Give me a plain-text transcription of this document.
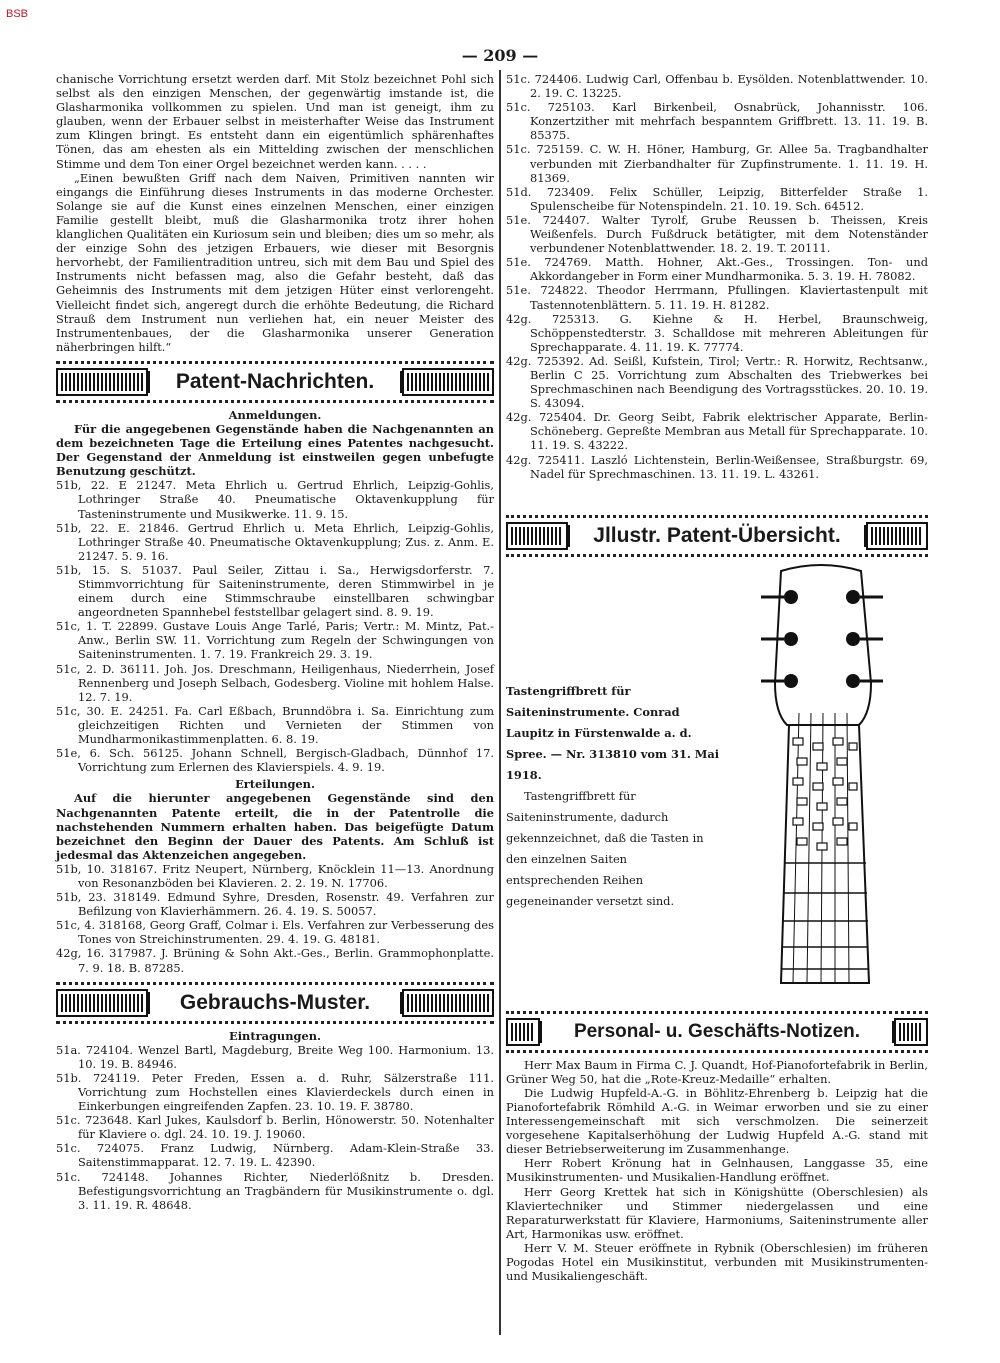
BSB
— 209 —

chanische Vorrichtung ersetzt werden darf. Mit Stolz bezeichnet Pohl sich selbst als den einzigen Menschen, der gegenwärtig imstande ist, die Glasharmonika vollkommen zu spielen. Und man ist geneigt, ihm zu glauben, wenn der Erbauer selbst in meisterhafter Weise das Instrument zum Klingen bringt. Es entsteht dann ein eigentümlich sphärenhaftes Tönen, das am ehesten als ein Mittelding zwischen der menschlichen Stimme und dem Ton einer Orgel bezeichnet werden kann. . . . .

„Einen bewußten Griff nach dem Naiven, Primitiven nannten wir eingangs die Einführung dieses Instruments in das moderne Orchester. Solange sie auf die Kunst eines einzelnen Menschen, einer einzigen Familie gestellt bleibt, muß die Glasharmonika trotz ihrer hohen klanglichen Qualitäten ein Kuriosum sein und bleiben; dies um so mehr, als der einzige Sohn des jetzigen Erbauers, wie dieser mit Besorgnis hervorhebt, der Familientradition untreu, sich mit dem Bau und Spiel des Instruments nicht befassen mag, also die Gefahr besteht, daß das Geheimnis des Instruments mit dem jetzigen Hüter einst verlorengeht. Vielleicht findet sich, angeregt durch die erhöhte Bedeutung, die Richard Strauß dem Instrument nun verliehen hat, ein neuer Meister des Instrumentenbaues, der die Glasharmonika unserer Generation näherbringen hilft.“

Patent-Nachrichten.

Anmeldungen.

Für die angegebenen Gegenstände haben die Nachgenannten an dem bezeichneten Tage die Erteilung eines Patentes nachgesucht. Der Gegenstand der Anmeldung ist einstweilen gegen unbefugte Benutzung geschützt.

51b, 22. E 21247. Meta Ehrlich u. Gertrud Ehrlich, Leipzig-Gohlis, Lothringer Straße 40. Pneumatische Oktavenkupplung für Tasteninstrumente und Musikwerke. 11. 9. 15.

51b, 22. E. 21846. Gertrud Ehrlich u. Meta Ehrlich, Leipzig-Gohlis, Lothringer Straße 40. Pneumatische Oktavenkupplung; Zus. z. Anm. E. 21247. 5. 9. 16.

51b, 15. S. 51037. Paul Seiler, Zittau i. Sa., Herwigsdorferstr. 7. Stimmvorrichtung für Saiteninstrumente, deren Stimmwirbel in je einem durch eine Stimmschraube einstellbaren schwingbar angeordneten Spannhebel feststellbar gelagert sind. 8. 9. 19.

51c, 1. T. 22899. Gustave Louis Ange Tarlé, Paris; Vertr.: M. Mintz, Pat.-Anw., Berlin SW. 11. Vorrichtung zum Regeln der Schwingungen von Saiteninstrumenten. 1. 7. 19. Frankreich 29. 3. 19.

51c, 2. D. 36111. Joh. Jos. Dreschmann, Heiligenhaus, Niederrhein, Josef Rennenberg und Joseph Selbach, Godesberg. Violine mit hohlem Halse. 12. 7. 19.

51c, 30. E. 24251. Fa. Carl Eßbach, Brunndöbra i. Sa. Einrichtung zum gleichzeitigen Richten und Vernieten der Stimmen von Mundharmonikastimmenplatten. 6. 8. 19.

51e, 6. Sch. 56125. Johann Schnell, Bergisch-Gladbach, Dünnhof 17. Vorrichtung zum Erlernen des Klavierspiels. 4. 9. 19.

Erteilungen.

Auf die hierunter angegebenen Gegenstände sind den Nachgenannten Patente erteilt, die in der Patentrolle die nachstehenden Nummern erhalten haben. Das beigefügte Datum bezeichnet den Beginn der Dauer des Patents. Am Schluß ist jedesmal das Aktenzeichen angegeben.

51b, 10. 318167. Fritz Neupert, Nürnberg, Knöcklein 11—13. Anordnung von Resonanzböden bei Klavieren. 2. 2. 19. N. 17706.

51b, 23. 318149. Edmund Syhre, Dresden, Rosenstr. 49. Verfahren zur Befilzung von Klavierhämmern. 26. 4. 19. S. 50057.

51c, 4. 318168, Georg Graff, Colmar i. Els. Verfahren zur Verbesserung des Tones von Streichinstrumenten. 29. 4. 19. G. 48181.

42g, 16. 317987. J. Brüning & Sohn Akt.-Ges., Berlin. Grammophonplatte. 7. 9. 18. B. 87285.

Gebrauchs-Muster.

Eintragungen.

51a. 724104. Wenzel Bartl, Magdeburg, Breite Weg 100. Harmonium. 13. 10. 19. B. 84946.

51b. 724119. Peter Freden, Essen a. d. Ruhr, Sälzerstraße 111. Vorrichtung zum Hochstellen eines Klavierdeckels durch einen in Einkerbungen eingreifenden Zapfen. 23. 10. 19. F. 38780.

51c. 723648. Karl Jukes, Kaulsdorf b. Berlin, Hönowerstr. 50. Notenhalter für Klaviere o. dgl. 24. 10. 19. J. 19060.

51c. 724075. Franz Ludwig, Nürnberg. Adam-Klein-Straße 33. Saitenstimmapparat. 12. 7. 19. L. 42390.

51c. 724148. Johannes Richter, Niederlößnitz b. Dresden. Befestigungsvorrichtung an Tragbändern für Musikinstrumente o. dgl. 3. 11. 19. R. 48648.

51c. 724406. Ludwig Carl, Offenbau b. Eysölden. Notenblattwender. 10. 2. 19. C. 13225.

51c. 725103. Karl Birkenbeil, Osnabrück, Johannisstr. 106. Konzertzither mit mehrfach bespanntem Griffbrett. 13. 11. 19. B. 85375.

51c. 725159. C. W. H. Höner, Hamburg, Gr. Allee 5a. Tragbandhalter verbunden mit Zierbandhalter für Zupfinstrumente. 1. 11. 19. H. 81369.

51d. 723409. Felix Schüller, Leipzig, Bitterfelder Straße 1. Spulenscheibe für Notenspindeln. 21. 10. 19. Sch. 64512.

51e. 724407. Walter Tyrolf, Grube Reussen b. Theissen, Kreis Weißenfels. Durch Fußdruck betätigter, mit dem Notenständer verbundener Notenblattwender. 18. 2. 19. T. 20111.

51e. 724769. Matth. Hohner, Akt.-Ges., Trossingen. Ton- und Akkordangeber in Form einer Mundharmonika. 5. 3. 19. H. 78082.

51e. 724822. Theodor Herrmann, Pfullingen. Klaviertastenpult mit Tastennotenblättern. 5. 11. 19. H. 81282.

42g. 725313. G. Kiehne & H. Herbel, Braunschweig, Schöppenstedterstr. 3. Schalldose mit mehreren Ableitungen für Sprechapparate. 4. 11. 19. K. 77774.

42g. 725392. Ad. Seißl, Kufstein, Tirol; Vertr.: R. Horwitz, Rechtsanw., Berlin C 25. Vorrichtung zum Abschalten des Triebwerkes bei Sprechmaschinen nach Beendigung des Vortragsstückes. 20. 10. 19. S. 43094.

42g. 725404. Dr. Georg Seibt, Fabrik elektrischer Apparate, Berlin-Schöneberg. Gepreßte Membran aus Metall für Sprechapparate. 10. 11. 19. S. 43222.

42g. 725411. Laszló Lichtenstein, Berlin-Weißensee, Straßburgstr. 69, Nadel für Sprechmaschinen. 13. 11. 19. L. 43261.

Jllustr. Patent-Übersicht.

Tastengriffbrett für Saiteninstrumente. Conrad Laupitz in Fürstenwalde a. d. Spree. — Nr. 313810 vom 31. Mai 1918.

Tastengriffbrett für Saiteninstrumente, dadurch gekennzeichnet, daß die Tasten in den einzelnen Saiten entsprechenden Reihen gegeneinander versetzt sind.

Personal- u. Geschäfts-Notizen.

Herr Max Baum in Firma C. J. Quandt, Hof-Pianofortefabrik in Berlin, Grüner Weg 50, hat die „Rote-Kreuz-Medaille“ erhalten.

Die Ludwig Hupfeld-A.-G. in Böhlitz-Ehrenberg b. Leipzig hat die Pianofortefabrik Römhild A.-G. in Weimar erworben und sie zu einer Interessengemeinschaft mit sich verschmolzen. Die seinerzeit vorgesehene Kapitalserhöhung der Ludwig Hupfeld A.-G. stand mit dieser Betriebserweiterung im Zusammenhange.

Herr Robert Krönung hat in Gelnhausen, Langgasse 35, eine Musikinstrumenten- und Musikalien-Handlung eröffnet.

Herr Georg Krettek hat sich in Königshütte (Oberschlesien) als Klaviertechniker und Stimmer niedergelassen und eine Reparaturwerkstatt für Klaviere, Harmoniums, Saiteninstrumente aller Art, Harmonikas usw. eröffnet.

Herr V. M. Steuer eröffnete in Rybnik (Oberschlesien) im früheren Pogodas Hotel ein Musikinstitut, verbunden mit Musikinstrumenten- und Musikaliengeschäft.
